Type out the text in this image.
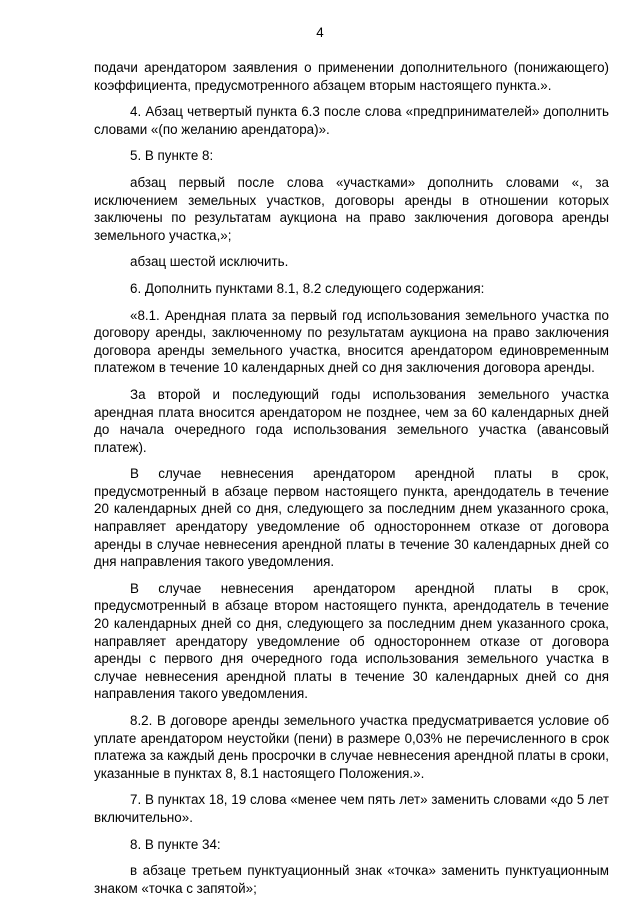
4

подачи арендатором заявления о применении дополнительного (понижающего) коэффициента, предусмотренного абзацем вторым настоящего пункта.».

4. Абзац четвертый пункта 6.3 после слова «предпринимателей» дополнить словами «(по желанию арендатора)».

5. В пункте 8:

абзац первый после слова «участками» дополнить словами «, за исключением земельных участков, договоры аренды в отношении которых заключены по результатам аукциона на право заключения договора аренды земельного участка,»;

абзац шестой исключить.

6. Дополнить пунктами 8.1, 8.2 следующего содержания:

«8.1. Арендная плата за первый год использования земельного участка по договору аренды, заключенному по результатам аукциона на право заключения договора аренды земельного участка, вносится арендатором единовременным платежом в течение 10 календарных дней со дня заключения договора аренды.

За второй и последующий годы использования земельного участка арендная плата вносится арендатором не позднее, чем за 60 календарных дней до начала очередного года использования земельного участка (авансовый платеж).

В случае невнесения арендатором арендной платы в срок, предусмотренный в абзаце первом настоящего пункта, арендодатель в течение 20 календарных дней со дня, следующего за последним днем указанного срока, направляет арендатору уведомление об одностороннем отказе от договора аренды в случае невнесения арендной платы в течение 30 календарных дней со дня направления такого уведомления.

В случае невнесения арендатором арендной платы в срок, предусмотренный в абзаце втором настоящего пункта, арендодатель в течение 20 календарных дней со дня, следующего за последним днем указанного срока, направляет арендатору уведомление об одностороннем отказе от договора аренды с первого дня очередного года использования земельного участка в случае невнесения арендной платы в течение 30 календарных дней со дня направления такого уведомления.

8.2. В договоре аренды земельного участка предусматривается условие об уплате арендатором неустойки (пени) в размере 0,03% не перечисленного в срок платежа за каждый день просрочки в случае невнесения арендной платы в сроки, указанные в пунктах 8, 8.1 настоящего Положения.».

7. В пунктах 18, 19 слова «менее чем пять лет» заменить словами «до 5 лет включительно».

8. В пункте 34:

в абзаце третьем пунктуационный знак «точка» заменить пунктуационным знаком «точка с запятой»;
